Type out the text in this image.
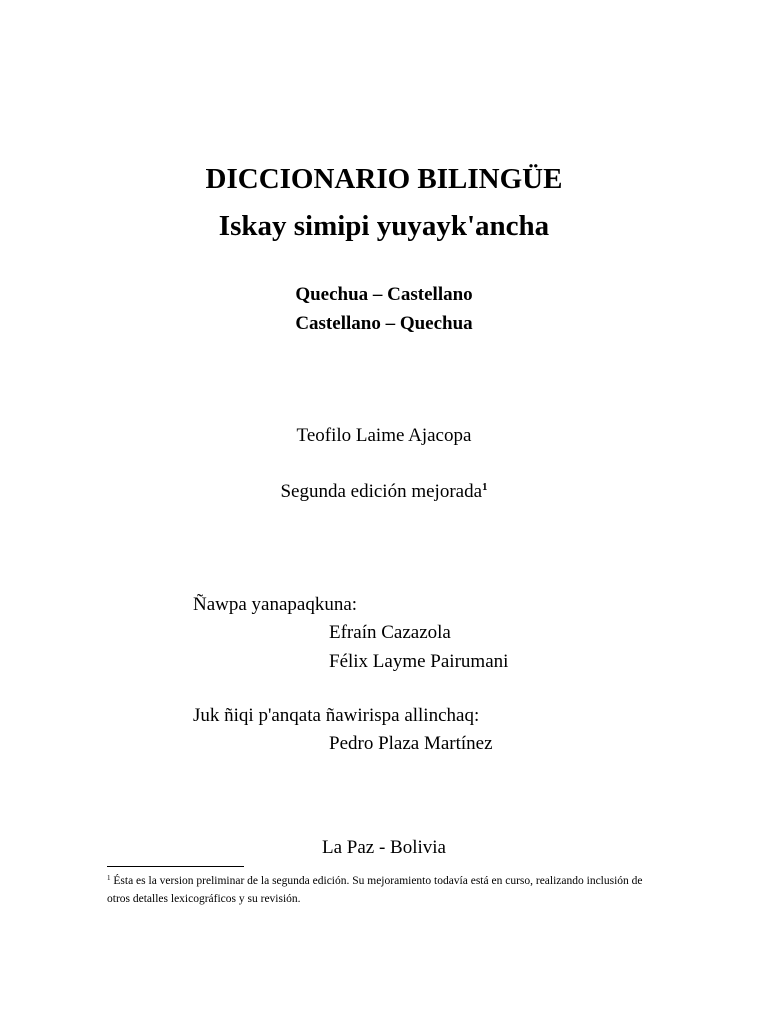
DICCIONARIO BILINGÜE
Iskay simipi yuyayk'ancha
Quechua – Castellano
Castellano – Quechua
Teofilo Laime Ajacopa
Segunda edición mejorada$^1$
Ñawpa yanapaqkuna:
Efraín Cazazola
Félix Layme Pairumani
Juk ñiqi p'anqata ñawirispa allinchaq:
Pedro Plaza Martínez
La Paz - Bolivia
$^1$ Ésta es la version preliminar de la segunda edición. Su mejoramiento todavía está en curso, realizando inclusión de otros detalles lexicográficos y su revisión.
